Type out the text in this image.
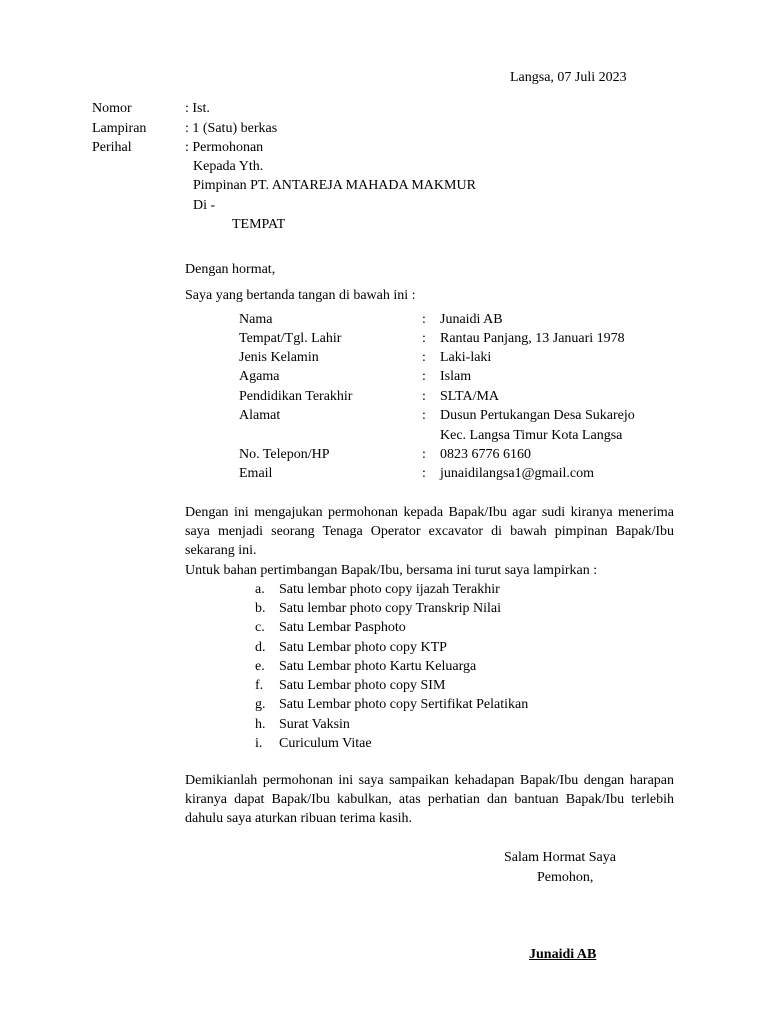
Langsa, 07 Juli 2023
Nomor	: Ist.
Lampiran	: 1 (Satu) berkas
Perihal	: Permohonan
Kepada Yth.
Pimpinan PT. ANTAREJA MAHADA MAKMUR
Di -
TEMPAT
Dengan hormat,
Saya yang bertanda tangan di bawah ini :
Nama	: Junaidi AB
Tempat/Tgl. Lahir	: Rantau Panjang, 13 Januari 1978
Jenis Kelamin	: Laki-laki
Agama	: Islam
Pendidikan Terakhir	: SLTA/MA
Alamat	: Dusun Pertukangan Desa Sukarejo
Kec. Langsa Timur Kota Langsa
No. Telepon/HP	: 0823 6776 6160
Email	: junaidilangsa1@gmail.com
Dengan ini mengajukan permohonan kepada Bapak/Ibu agar sudi kiranya menerima saya menjadi seorang Tenaga Operator excavator di bawah pimpinan Bapak/Ibu sekarang ini.
Untuk bahan pertimbangan Bapak/Ibu, bersama ini turut saya lampirkan :
a. Satu lembar photo copy ijazah Terakhir
b. Satu lembar photo copy Transkrip Nilai
c. Satu Lembar Pasphoto
d. Satu Lembar photo copy KTP
e. Satu Lembar photo Kartu Keluarga
f. Satu Lembar photo copy SIM
g. Satu Lembar photo copy Sertifikat Pelatikan
h. Surat Vaksin
i. Curiculum Vitae
Demikianlah permohonan ini saya sampaikan kehadapan Bapak/Ibu dengan harapan kiranya dapat Bapak/Ibu kabulkan, atas perhatian dan bantuan Bapak/Ibu terlebih dahulu saya aturkan ribuan terima kasih.
Salam Hormat Saya
Pemohon,
Junaidi AB
